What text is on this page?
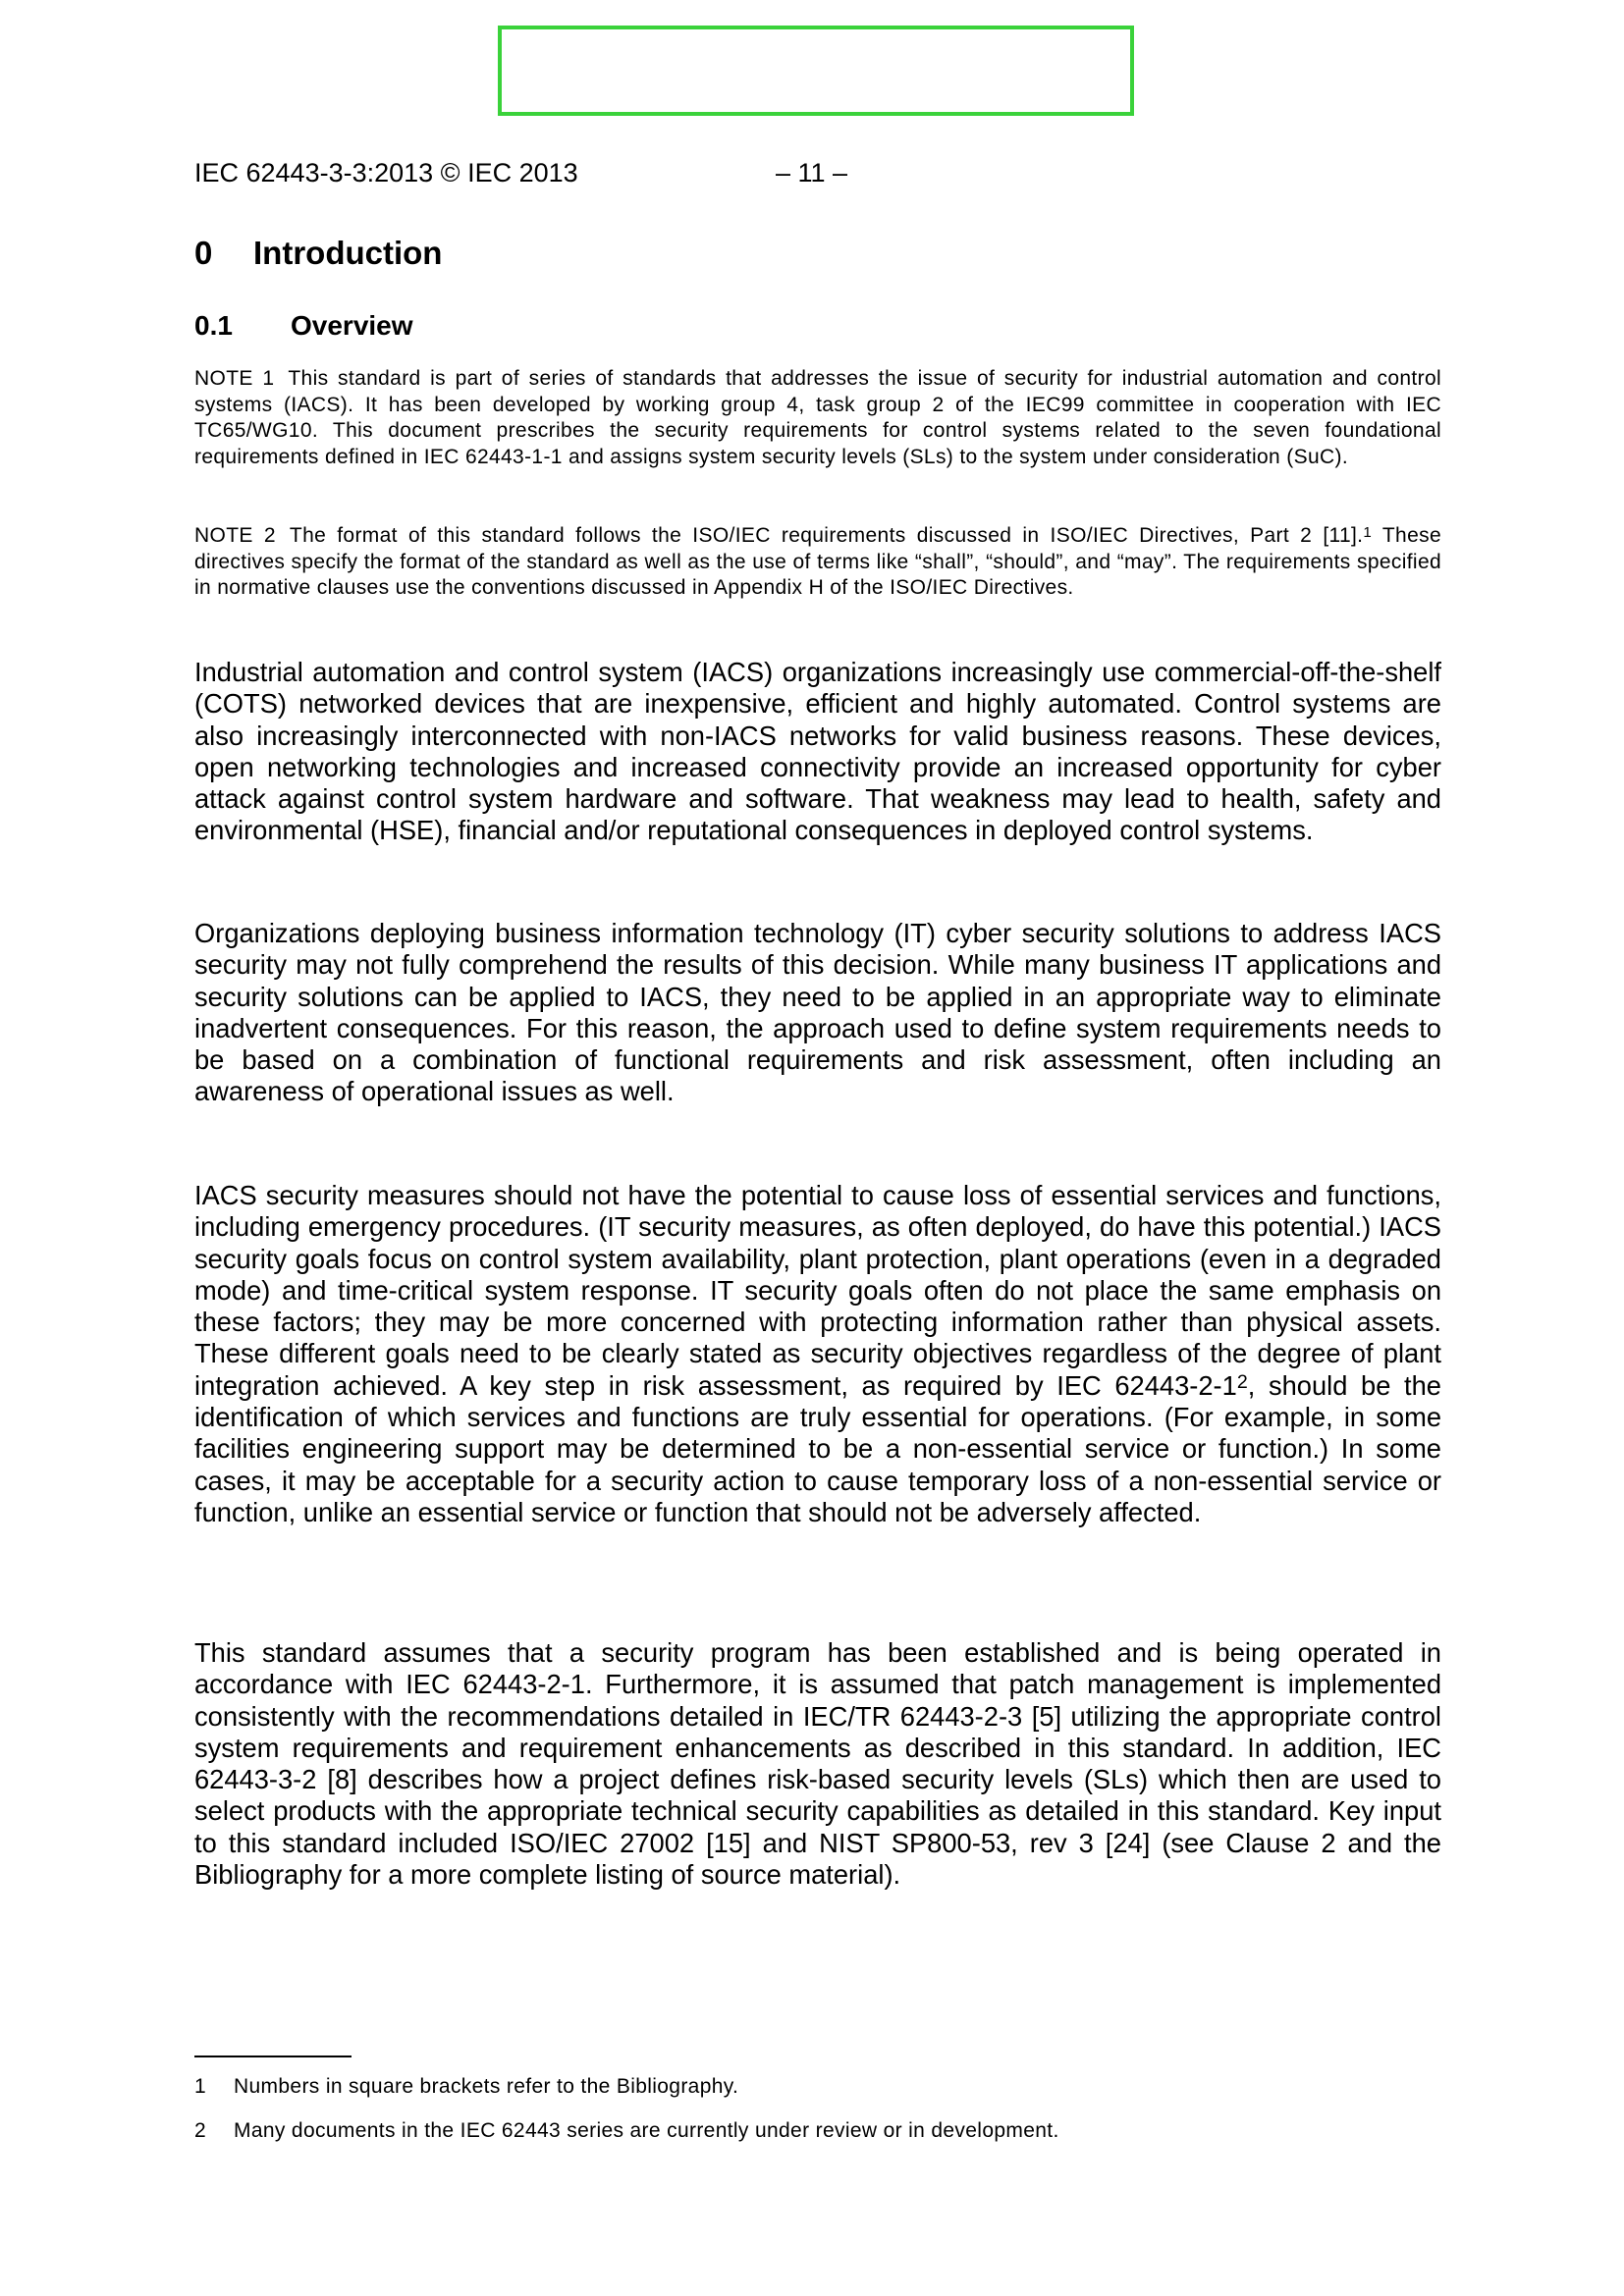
IEC 62443-3-3:2013 © IEC 2013	– 11 –
0 Introduction
0.1 Overview
NOTE 1 This standard is part of series of standards that addresses the issue of security for industrial automation and control systems (IACS). It has been developed by working group 4, task group 2 of the IEC99 committee in cooperation with IEC TC65/WG10. This document prescribes the security requirements for control systems related to the seven foundational requirements defined in IEC 62443‑1‑1 and assigns system security levels (SLs) to the system under consideration (SuC).
NOTE 2 The format of this standard follows the ISO/IEC requirements discussed in ISO/IEC Directives, Part 2 [11].$^1$ These directives specify the format of the standard as well as the use of terms like “shall”, “should”, and “may”. The requirements specified in normative clauses use the conventions discussed in Appendix H of the ISO/IEC Directives.
Industrial automation and control system (IACS) organizations increasingly use commercial-off-the-shelf (COTS) networked devices that are inexpensive, efficient and highly automated. Control systems are also increasingly interconnected with non-IACS networks for valid business reasons. These devices, open networking technologies and increased connectivity provide an increased opportunity for cyber attack against control system hardware and software. That weakness may lead to health, safety and environmental (HSE), financial and/or reputational consequences in deployed control systems.
Organizations deploying business information technology (IT) cyber security solutions to address IACS security may not fully comprehend the results of this decision. While many business IT applications and security solutions can be applied to IACS, they need to be applied in an appropriate way to eliminate inadvertent consequences. For this reason, the approach used to define system requirements needs to be based on a combination of functional requirements and risk assessment, often including an awareness of operational issues as well.
IACS security measures should not have the potential to cause loss of essential services and functions, including emergency procedures. (IT security measures, as often deployed, do have this potential.) IACS security goals focus on control system availability, plant protection, plant operations (even in a degraded mode) and time-critical system response. IT security goals often do not place the same emphasis on these factors; they may be more concerned with protecting information rather than physical assets. These different goals need to be clearly stated as security objectives regardless of the degree of plant integration achieved. A key step in risk assessment, as required by IEC $62443‑2‑1^2$, should be the identification of which services and functions are truly essential for operations. (For example, in some facilities engineering support may be determined to be a non-essential service or function.) In some cases, it may be acceptable for a security action to cause temporary loss of a non-essential service or function, unlike an essential service or function that should not be adversely affected.
This standard assumes that a security program has been established and is being operated in accordance with IEC 62443‑2‑1. Furthermore, it is assumed that patch management is implemented consistently with the recommendations detailed in IEC/TR 62443‑2‑3 [5] utilizing the appropriate control system requirements and requirement enhancements as described in this standard. In addition, IEC 62443‑3‑2 [8] describes how a project defines risk-based security levels (SLs) which then are used to select products with the appropriate technical security capabilities as detailed in this standard. Key input to this standard included ISO/IEC 27002 [15] and NIST SP800-53, rev 3 [24] (see Clause 2 and the Bibliography for a more complete listing of source material).
1 Numbers in square brackets refer to the Bibliography.
2 Many documents in the IEC 62443 series are currently under review or in development.
